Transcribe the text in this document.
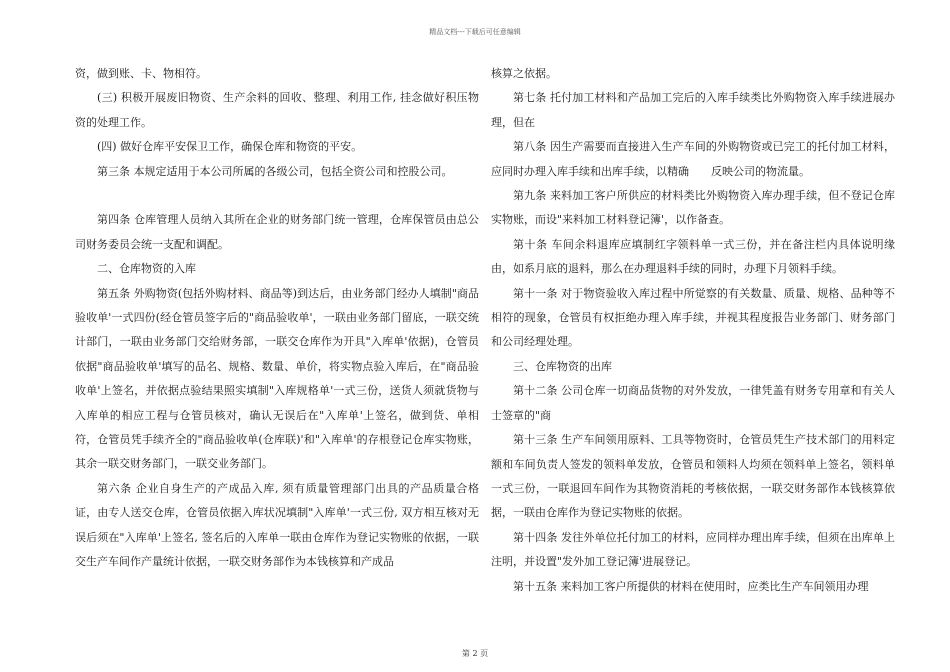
精品文档---下载后可任意编辑

资，做到账、卡、物相符。

(三) 积极开展废旧物资、生产余料的回收、整理、利用工作, 挂念做好积压物资的处理工作。

(四) 做好仓库平安保卫工作，确保仓库和物资的平安。

第三条 本规定适用于本公司所属的各级公司，包括全资公司和控股公司。

第四条 仓库管理人员纳入其所在企业的财务部门统一管理，仓库保管员由总公司财务委员会统一支配和调配。

二、仓库物资的入库

第五条 外购物资(包括外购材料、商品等)到达后，由业务部门经办人填制"商品验收单'一式四份(经仓管员签字后的"商品验收单'，一联由业务部门留底，一联交统计部门，一联由业务部门交给财务部，一联交仓库作为开具"入库单'依据)，仓管员依据"商品验收单'填写的品名、规格、数量、单价，将实物点验入库后，在"商品验收单'上签名，并依据点验结果照实填制"入库规格单'一式三份，送货人须就货物与入库单的相应工程与仓管员核对，确认无误后在"入库单'上签名，做到货、单相符，仓管员凭手续齐全的"商品验收单(仓库联)'和"入库单'的存根登记仓库实物账，其余一联交财务部门，一联交业务部门。

第六条 企业自身生产的产成品入库, 须有质量管理部门出具的产品质量合格证，由专人送交仓库，仓管员依据入库状况填制"入库单'一式三份, 双方相互核对无误后须在"入库单'上签名, 签名后的入库单一联由仓库作为登记实物账的依据，一联交生产车间作产量统计依据，一联交财务部作为本钱核算和产成品

核算之依据。

第七条 托付加工材料和产品加工完后的入库手续类比外购物资入库手续进展办理，但在

第八条 因生产需要而直接进入生产车间的外购物资或已完工的托付加工材料，应同时办理入库手续和出库手续，以精确　　反映公司的物流量。

第九条 来料加工客户所供应的材料类比外购物资入库办理手续，但不登记仓库实物账，而设"来料加工材料登记簿'，以作备查。

第十条 车间余料退库应填制红字领料单一式三份，并在备注栏内具体说明缘由，如系月底的退料，那么在办理退料手续的同时，办理下月领料手续。

第十一条 对于物资验收入库过程中所觉察的有关数量、质量、规格、品种等不相符的现象，仓管员有权拒绝办理入库手续，并视其程度报告业务部门、财务部门和公司经理处理。

三、仓库物资的出库

第十二条 公司仓库一切商品货物的对外发放，一律凭盖有财务专用章和有关人士签章的"商

第十三条 生产车间领用原料、工具等物资时，仓管员凭生产技术部门的用料定额和车间负责人签发的领料单发放，仓管员和领料人均须在领料单上签名，领料单一式三份，一联退回车间作为其物资消耗的考核依据，一联交财务部作本钱核算依据，一联由仓库作为登记实物账的依据。

第十四条 发往外单位托付加工的材料，应同样办理出库手续，但须在出库单上注明，并设置"发外加工登记簿'进展登记。

第十五条 来料加工客户所提供的材料在使用时，应类比生产车间领用办理

第 2 页
